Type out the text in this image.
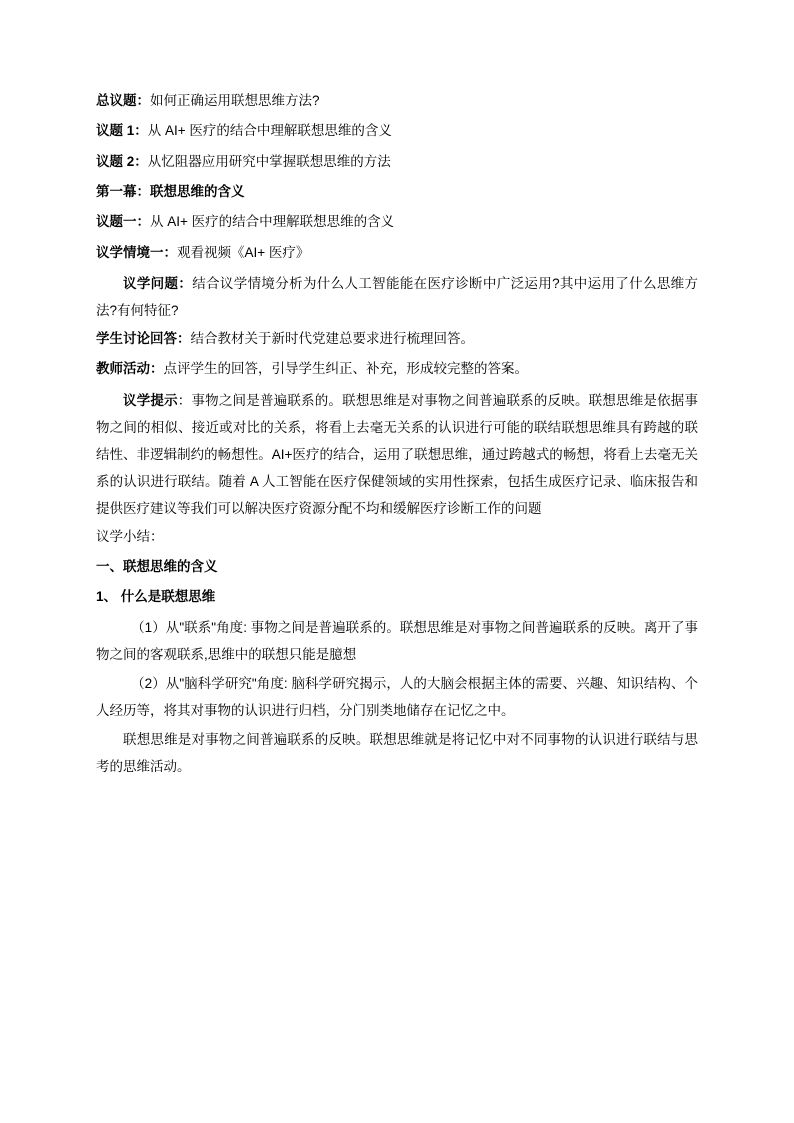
总议题：如何正确运用联想思维方法?

议题 1：从 AI+ 医疗的结合中理解联想思维的含义

议题 2：从忆阻器应用研究中掌握联想思维的方法

第一幕：联想思维的含义

议题一：从 AI+ 医疗的结合中理解联想思维的含义

议学情境一：观看视频《AI+ 医疗》

议学问题：结合议学情境分析为什么人工智能能在医疗诊断中广泛运用?其中运用了什么思维方法?有何特征?

学生讨论回答：结合教材关于新时代党建总要求进行梳理回答。

教师活动：点评学生的回答，引导学生纠正、补充，形成较完整的答案。

议学提示：事物之间是普遍联系的。联想思维是对事物之间普遍联系的反映。联想思维是依据事物之间的相似、接近或对比的关系，将看上去毫无关系的认识进行可能的联结联想思维具有跨越的联结性、非逻辑制约的畅想性。AI+医疗的结合，运用了联想思维，通过跨越式的畅想，将看上去毫无关系的认识进行联结。随着 A 人工智能在医疗保健领域的实用性探索，包括生成医疗记录、临床报告和提供医疗建议等我们可以解决医疗资源分配不均和缓解医疗诊断工作的问题

议学小结：

一、联想思维的含义

1、 什么是联想思维

（1）从"联系"角度: 事物之间是普遍联系的。联想思维是对事物之间普遍联系的反映。离开了事物之间的客观联系,思维中的联想只能是臆想

（2）从"脑科学研究"角度: 脑科学研究揭示，人的大脑会根据主体的需要、兴趣、知识结构、个人经历等，将其对事物的认识进行归档，分门别类地储存在记忆之中。

联想思维是对事物之间普遍联系的反映。联想思维就是将记忆中对不同事物的认识进行联结与思考的思维活动。
